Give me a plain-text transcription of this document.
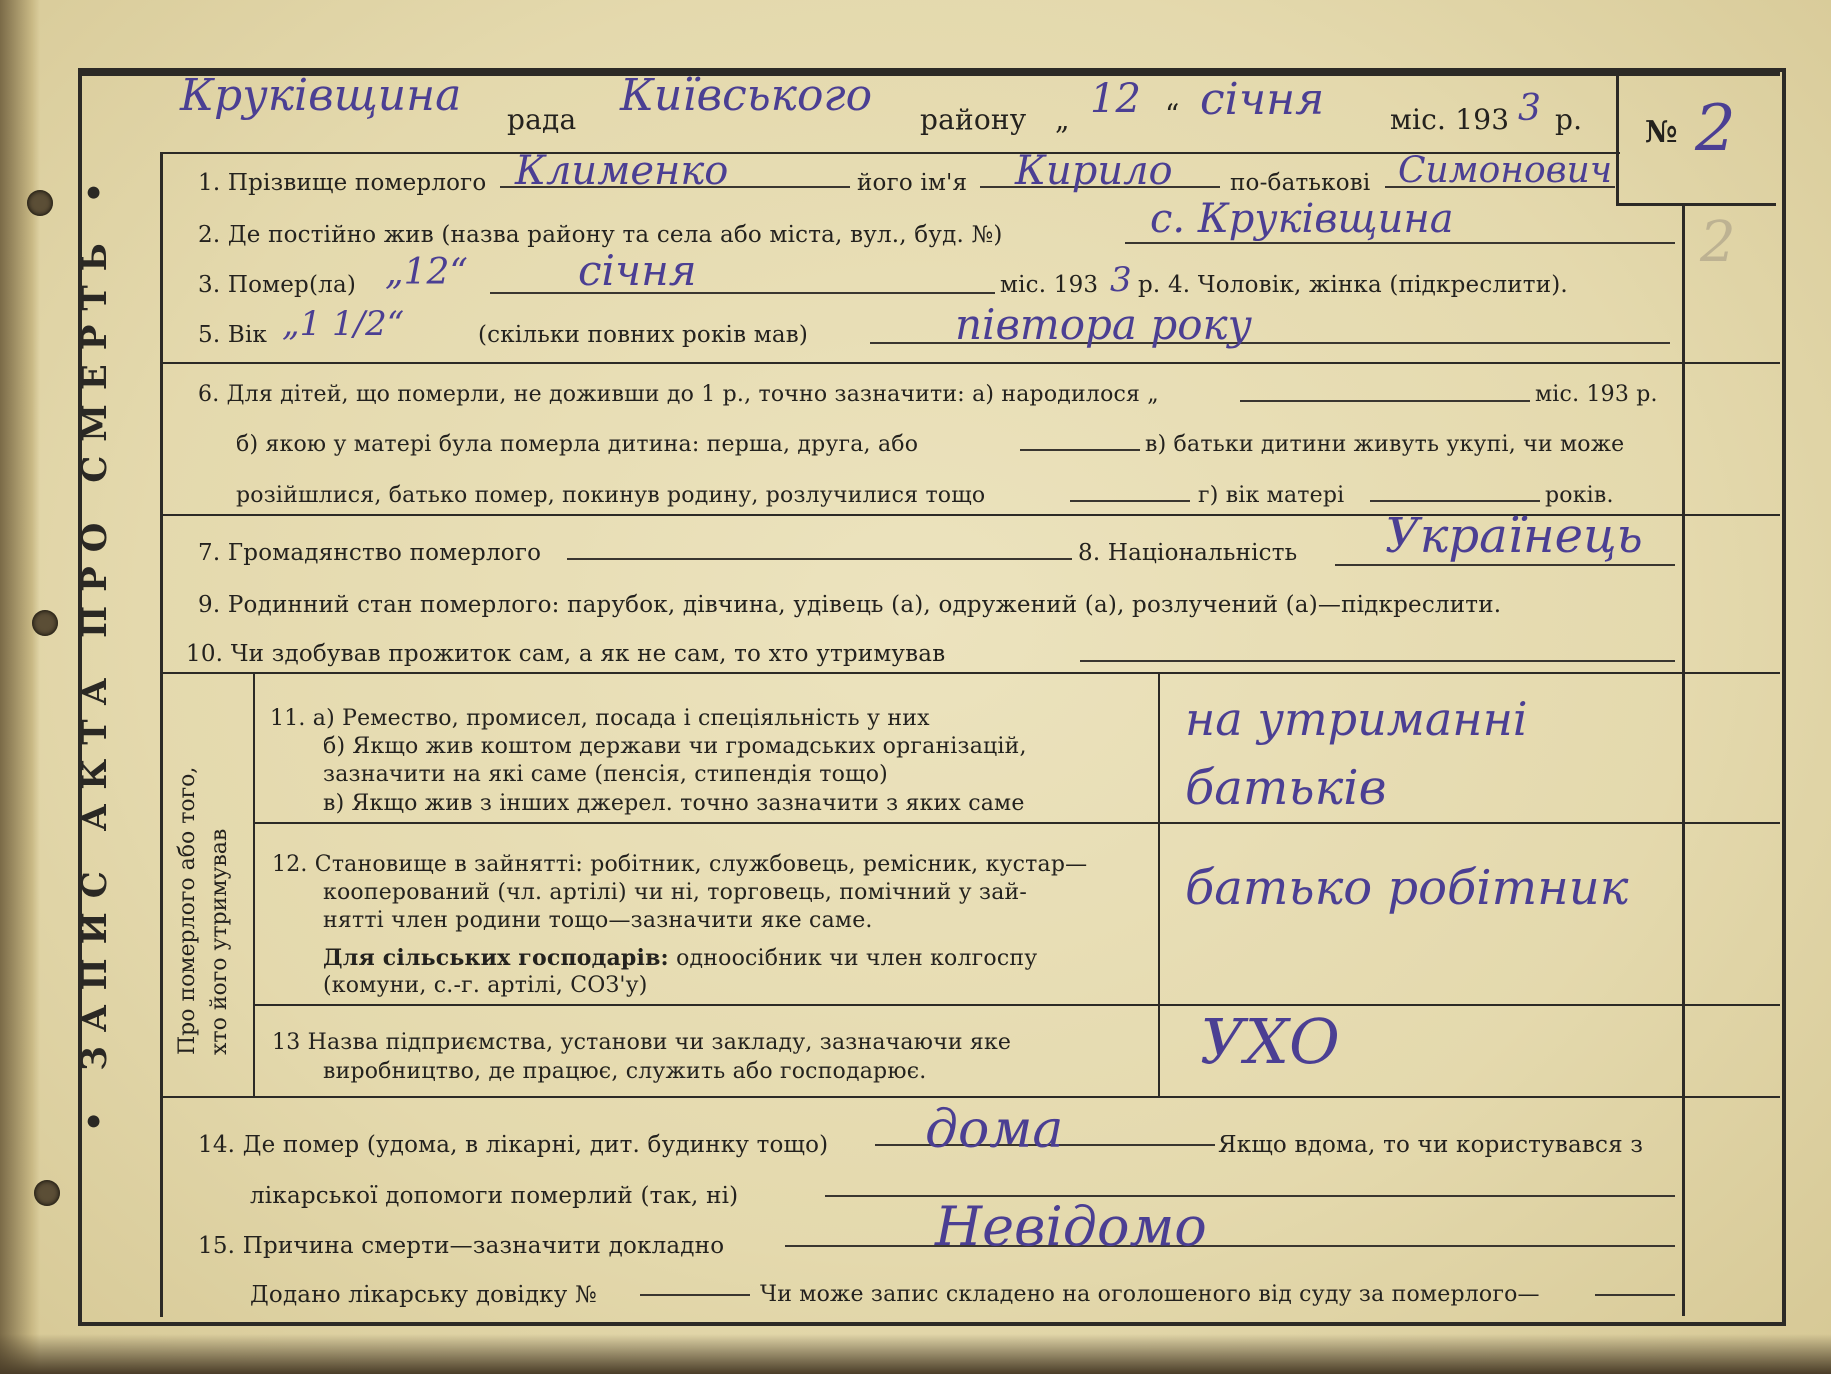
• ЗАПИС АКТА ПРО СМЕРТЬ •	Про померлого або того, хто його утримував
Круківщина рада Київського району „ 12 “ січня міс. 193 3 р. № 2
2
1. Прізвище померлого Клименко	його ім'я Кирило по-батькові Симонович
2. Де постійно жив (назва району та села або міста, вул., буд. №)	с. Круківщина
3. Помер(ла) „12“	січня	міс. 193 3 р. 4. Чоловік, жінка (підкреслити).
5. Вік „1 1/2“	(скільки повних років мав)	півтора року
6. Для дітей, що померли, не доживши до 1 р., точно зазначити: а) народилося „	міс. 193 р.
б) якою у матері була померла дитина: перша, друга, або	в) батьки дитини живуть укупі, чи може
розійшлися, батько помер, покинув родину, розлучилися тощо	г) вік матері	років.
7. Громадянство померлого	8. Національність Українець
9. Родинний стан померлого: парубок, дівчина, удівець (а), одружений (а), розлучений (а)—підкреслити.
10. Чи здобував прожиток сам, а як не сам, то хто утримував
11. а) Ремество, промисел, посада і спеціяльність у них
б) Якщо жив коштом держави чи громадських організацій,
зазначити на які саме (пенсія, стипендія тощо)
в) Якщо жив з інших джерел. точно зазначити з яких саме
на утриманні
батьків
12. Становище в зайнятті: робітник, службовець, ремісник, кустар—
кооперований (чл. артілі) чи ні, торговець, помічний у зай-
нятті член родини тощо—зазначити яке саме.
Для сільських господарів: одноосібник чи член колгоспу
(комуни, с.-г. артілі, СОЗ'у)
батько робітник
13 Назва підприємства, установи чи закладу, зазначаючи яке
виробництво, де працює, служить або господарює.	УХО
14. Де помер (удома, в лікарні, дит. будинку тощо) дома	Якщо вдома, то чи користувався з
лікарської допомоги померлий (так, ні)
15. Причина смерти—зазначити докладно	Невідомо
Додано лікарську довідку №	Чи може запис складено на оголошеного від суду за померлого—
